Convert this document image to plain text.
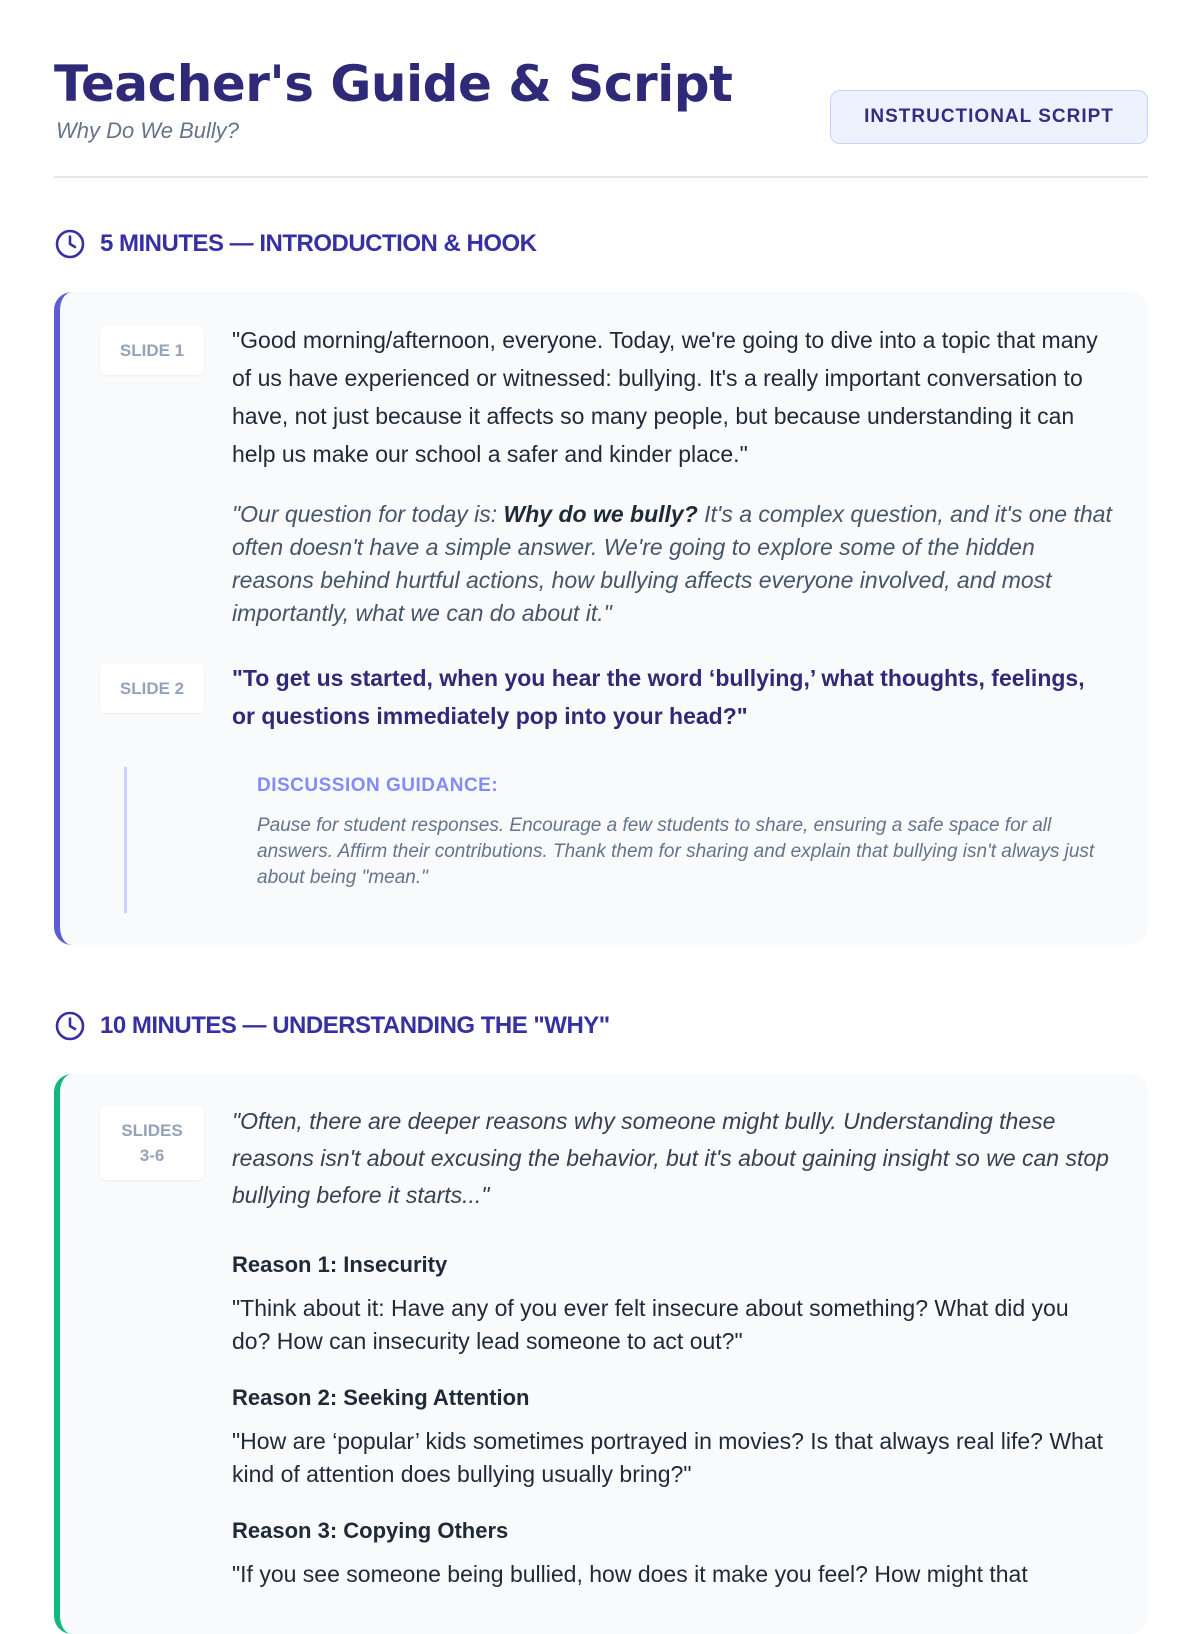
Teacher's Guide & Script
Why Do We Bully?
INSTRUCTIONAL SCRIPT
5 MINUTES — INTRODUCTION & HOOK
SLIDE 1	"Good morning/afternoon, everyone. Today, we're going to dive into a topic that many of us have experienced or witnessed: bullying. It's a really important conversation to have, not just because it affects so many people, but because understanding it can help us make our school a safer and kinder place."

"Our question for today is: Why do we bully? It's a complex question, and it's one that often doesn't have a simple answer. We're going to explore some of the hidden reasons behind hurtful actions, how bullying affects everyone involved, and most importantly, what we can do about it."

SLIDE 2	"To get us started, when you hear the word ‘bullying,’ what thoughts, feelings, or questions immediately pop into your head?"

DISCUSSION GUIDANCE:

Pause for student responses. Encourage a few students to share, ensuring a safe space for all answers. Affirm their contributions. Thank them for sharing and explain that bullying isn't always just about being "mean."

10 MINUTES — UNDERSTANDING THE "WHY"
SLIDES
3-6

"Often, there are deeper reasons why someone might bully. Understanding these reasons isn't about excusing the behavior, but it's about gaining insight so we can stop bullying before it starts..."

Reason 1: Insecurity

"Think about it: Have any of you ever felt insecure about something? What did you do? How can insecurity lead someone to act out?"

Reason 2: Seeking Attention

"How are ‘popular’ kids sometimes portrayed in movies? Is that always real life? What kind of attention does bullying usually bring?"

Reason 3: Copying Others

"If you see someone being bullied, how does it make you feel? How might that
